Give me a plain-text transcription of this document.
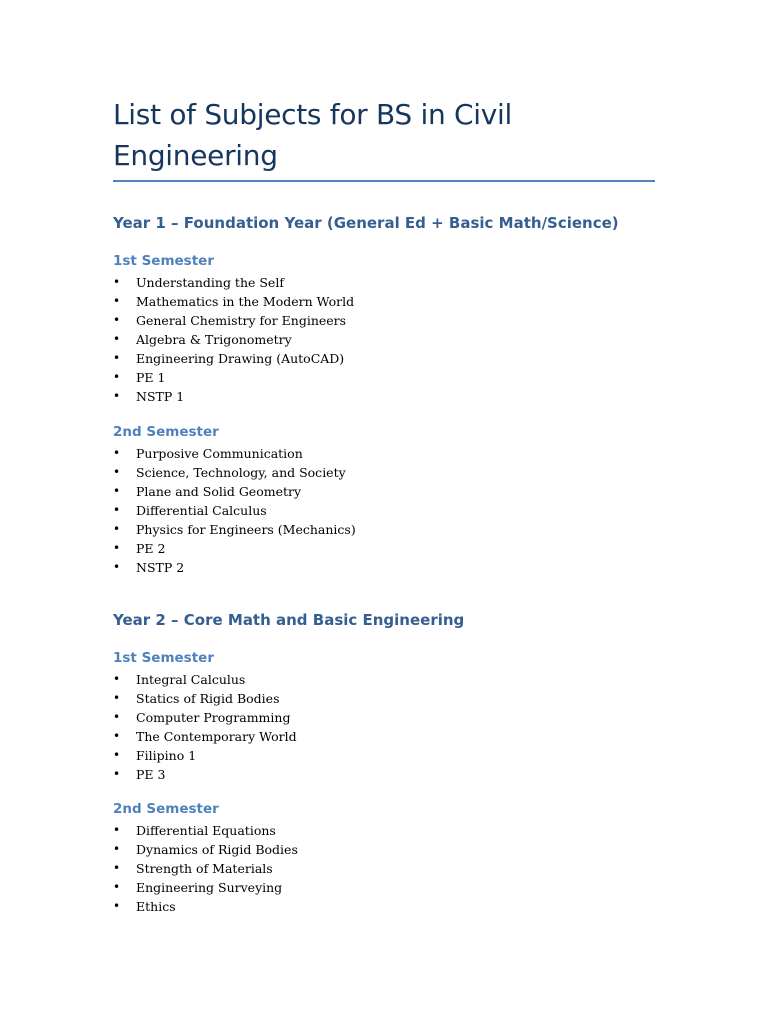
List of Subjects for BS in Civil Engineering
Year 1 – Foundation Year (General Ed + Basic Math/Science)
1st Semester
• Understanding the Self
• Mathematics in the Modern World
• General Chemistry for Engineers
• Algebra & Trigonometry
• Engineering Drawing (AutoCAD)
• PE 1
• NSTP 1
2nd Semester
• Purposive Communication
• Science, Technology, and Society
• Plane and Solid Geometry
• Differential Calculus
• Physics for Engineers (Mechanics)
• PE 2
• NSTP 2
Year 2 – Core Math and Basic Engineering
1st Semester
• Integral Calculus
• Statics of Rigid Bodies
• Computer Programming
• The Contemporary World
• Filipino 1
• PE 3
2nd Semester
• Differential Equations
• Dynamics of Rigid Bodies
• Strength of Materials
• Engineering Surveying
• Ethics
